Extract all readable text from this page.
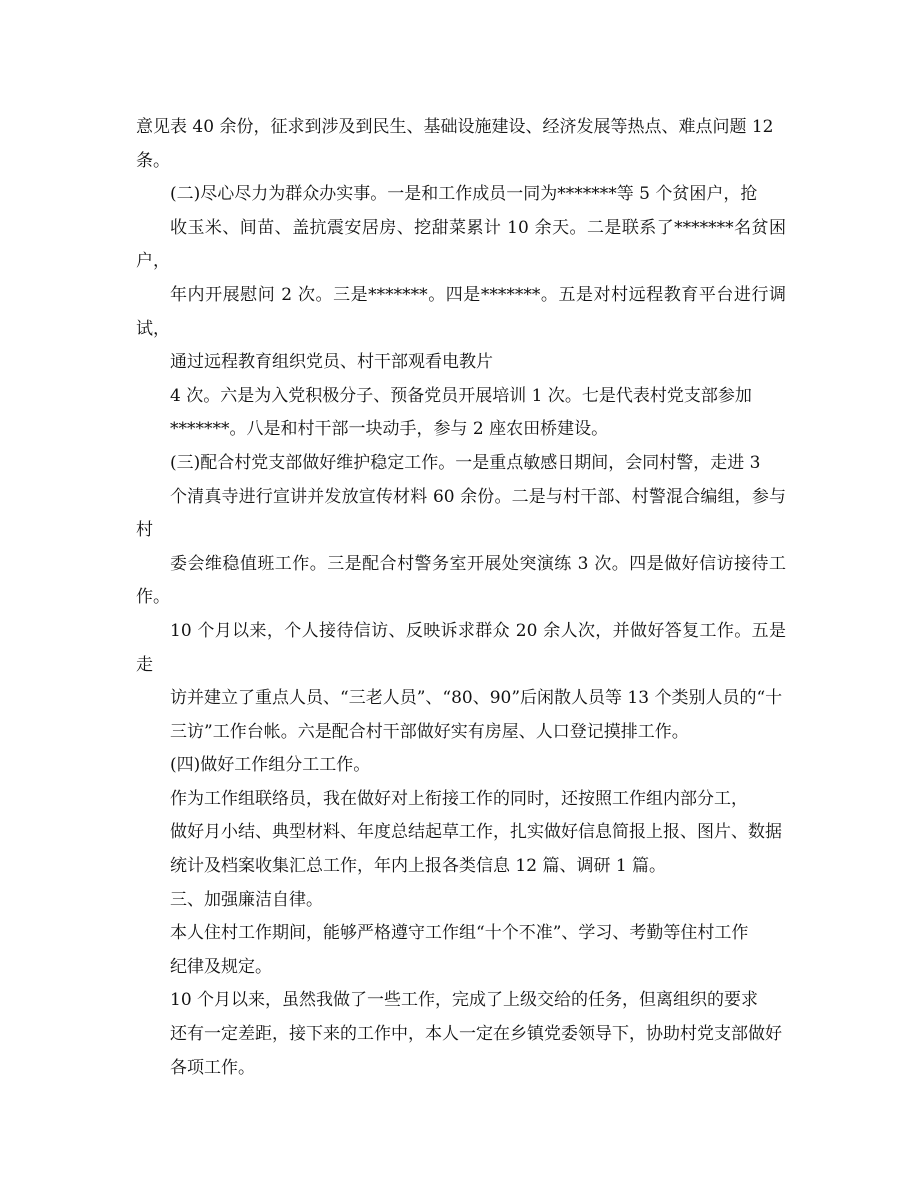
意见表 40 余份，征求到涉及到民生、基础设施建设、经济发展等热点、难点问题 12
条。

(二)尽心尽力为群众办实事。一是和工作成员一同为*******等 5 个贫困户，抢
收玉米、间苗、盖抗震安居房、挖甜菜累计 10 余天。二是联系了*******名贫困户，
年内开展慰问 2 次。三是*******。四是*******。五是对村远程教育平台进行调试，
通过远程教育组织党员、村干部观看电教片

4 次。六是为入党积极分子、预备党员开展培训 1 次。七是代表村党支部参加
*******。八是和村干部一块动手，参与 2 座农田桥建设。

(三)配合村党支部做好维护稳定工作。一是重点敏感日期间，会同村警，走进 3
个清真寺进行宣讲并发放宣传材料 60 余份。二是与村干部、村警混合编组，参与村
委会维稳值班工作。三是配合村警务室开展处突演练 3 次。四是做好信访接待工作。
10 个月以来，个人接待信访、反映诉求群众 20 余人次，并做好答复工作。五是走
访并建立了重点人员、“三老人员”、“80、90”后闲散人员等 13 个类别人员的“十
三访”工作台帐。六是配合村干部做好实有房屋、人口登记摸排工作。

(四)做好工作组分工工作。

作为工作组联络员，我在做好对上衔接工作的同时，还按照工作组内部分工，
做好月小结、典型材料、年度总结起草工作，扎实做好信息简报上报、图片、数据
统计及档案收集汇总工作，年内上报各类信息 12 篇、调研 1 篇。

三、加强廉洁自律。

本人住村工作期间，能够严格遵守工作组“十个不准”、学习、考勤等住村工作
纪律及规定。

10 个月以来，虽然我做了一些工作，完成了上级交给的任务，但离组织的要求
还有一定差距，接下来的工作中，本人一定在乡镇党委领导下，协助村党支部做好
各项工作。
